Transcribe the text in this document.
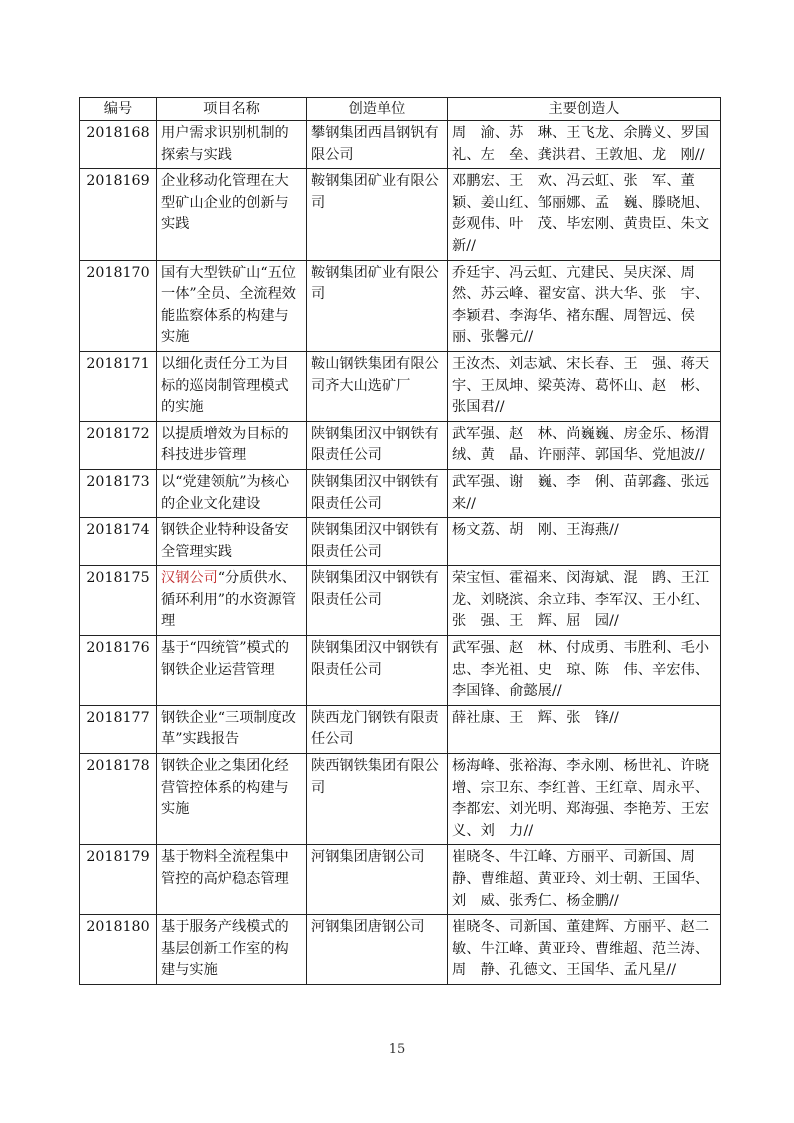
编号	项目名称	创造单位	主要创造人
2018168	用户需求识别机制的探索与实践	攀钢集团西昌钢钒有限公司	周　渝、苏　琳、王飞龙、余腾义、罗国礼、左　垒、龚洪君、王敦旭、龙　刚//
2018169	企业移动化管理在大型矿山企业的创新与实践	鞍钢集团矿业有限公司	邓鹏宏、王　欢、冯云虹、张　军、董　颖、姜山红、邹丽娜、孟　巍、滕晓旭、彭观伟、叶　茂、毕宏刚、黄贵臣、朱文新//
2018170	国有大型铁矿山“五位一体”全员、全流程效能监察体系的构建与实施	鞍钢集团矿业有限公司	乔廷宇、冯云虹、亢建民、吴庆深、周　然、苏云峰、翟安富、洪大华、张　宇、李颖君、李海华、褚东醒、周智远、侯　丽、张馨元//
2018171	以细化责任分工为目标的巡岗制管理模式的实施	鞍山钢铁集团有限公司齐大山选矿厂	王汝杰、刘志斌、宋长春、王　强、蒋天宇、王凤坤、梁英涛、葛怀山、赵　彬、张国君//
2018172	以提质增效为目标的科技进步管理	陕钢集团汉中钢铁有限责任公司	武军强、赵　林、尚巍巍、房金乐、杨渭绒、黄　晶、许丽萍、郭国华、党旭波//
2018173	以“党建领航”为核心的企业文化建设	陕钢集团汉中钢铁有限责任公司	武军强、谢　巍、李　俐、苗郭鑫、张远来//
2018174	钢铁企业特种设备安全管理实践	陕钢集团汉中钢铁有限责任公司	杨文荔、胡　刚、王海燕//
2018175	汉钢公司“分质供水、循环利用”的水资源管理	陕钢集团汉中钢铁有限责任公司	荣宝恒、霍福来、闵海斌、混　鹍、王江龙、刘晓滨、余立玮、李军汉、王小红、张　强、王　辉、屈　园//
2018176	基于“四统管”模式的钢铁企业运营管理	陕钢集团汉中钢铁有限责任公司	武军强、赵　林、付成勇、韦胜利、毛小忠、李光祖、史　琼、陈　伟、辛宏伟、李国锋、俞懿展//
2018177	钢铁企业“三项制度改革”实践报告	陕西龙门钢铁有限责任公司	薛社康、王　辉、张　锋//
2018178	钢铁企业之集团化经营管控体系的构建与实施	陕西钢铁集团有限公司	杨海峰、张裕海、李永刚、杨世礼、许晓增、宗卫东、李红普、王红章、周永平、李都宏、刘光明、郑海强、李艳芳、王宏义、刘　力//
2018179	基于物料全流程集中管控的高炉稳态管理	河钢集团唐钢公司	崔晓冬、牛江峰、方丽平、司新国、周　静、曹维超、黄亚玲、刘士朝、王国华、刘　威、张秀仁、杨金鹏//
2018180	基于服务产线模式的基层创新工作室的构建与实施	河钢集团唐钢公司	崔晓冬、司新国、董建辉、方丽平、赵二敏、牛江峰、黄亚玲、曹维超、范兰涛、周　静、孔德文、王国华、孟凡星//
15
